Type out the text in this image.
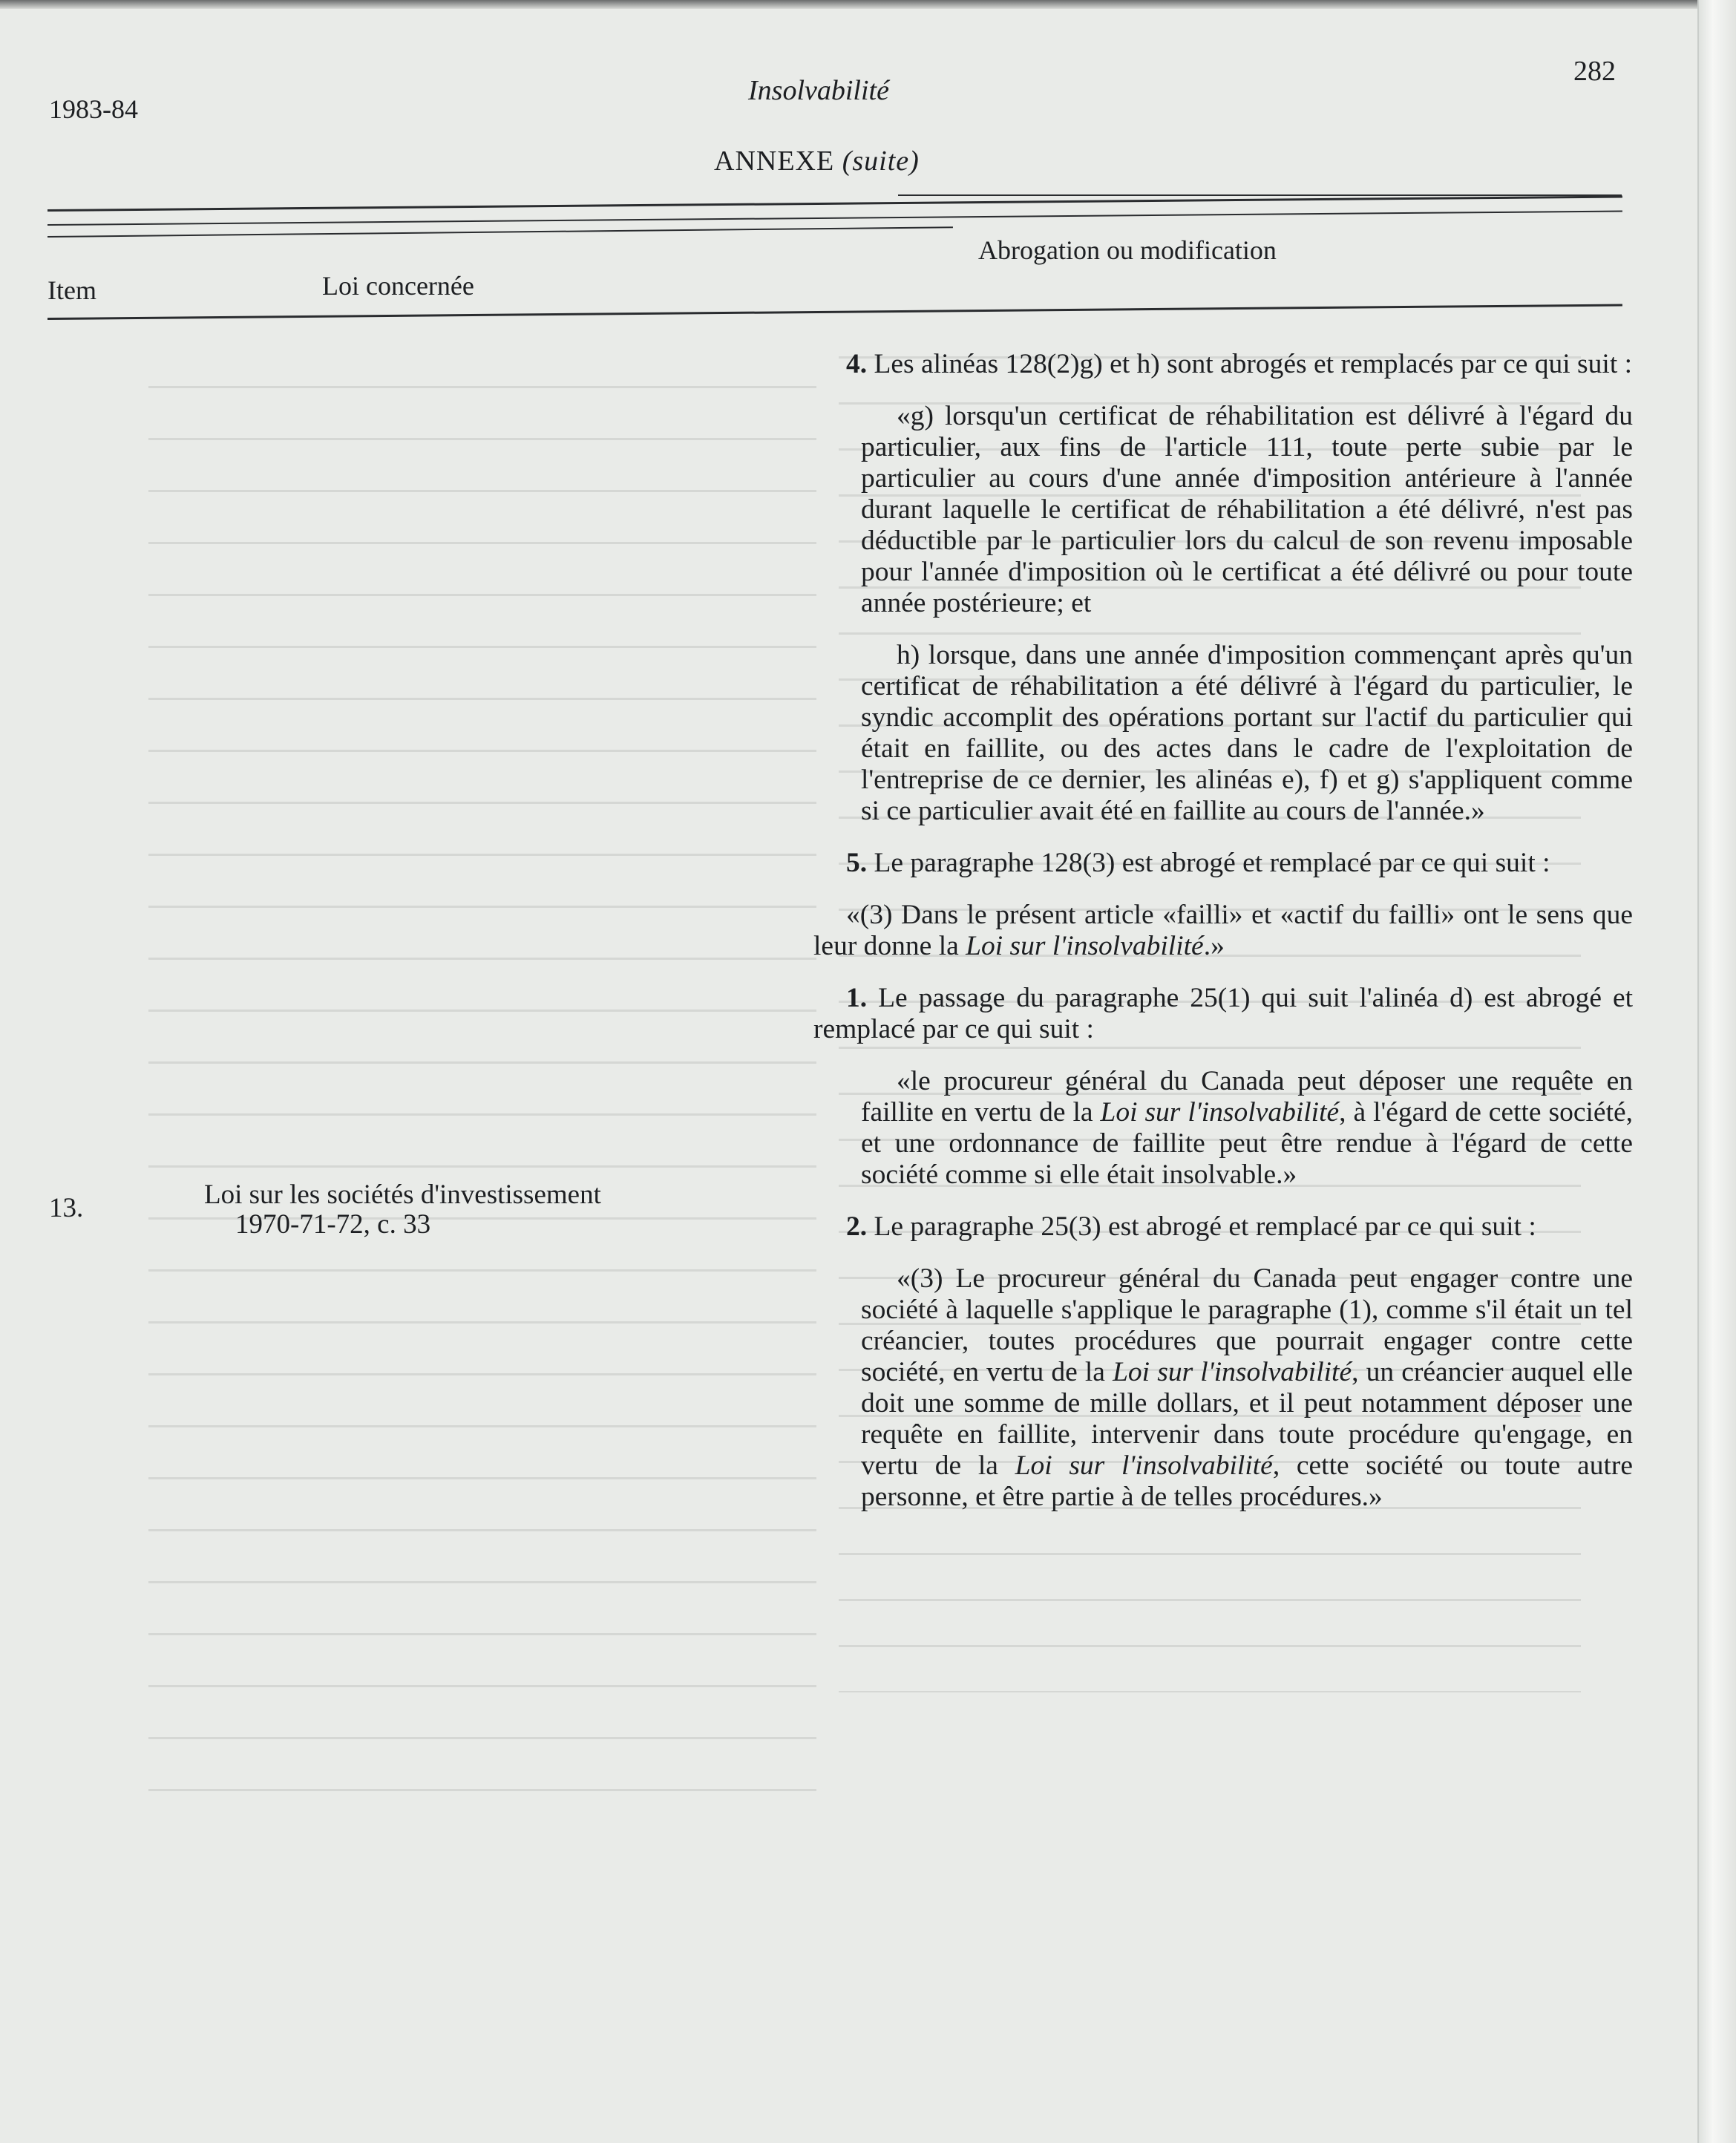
1983-84
282
Insolvabilité
ANNEXE (suite)
Item	Loi concernée
Abrogation ou modification
13.	Loi sur les sociétés d'investissement
1970-71-72, c. 33

4. Les alinéas 128(2)g) et h) sont abrogés et remplacés par ce qui suit :

«g) lorsqu'un certificat de réhabilitation est délivré à l'égard du particulier, aux fins de l'article 111, toute perte subie par le particulier au cours d'une année d'imposition antérieure à l'année durant laquelle le certificat de réhabilitation a été délivré, n'est pas déductible par le particulier lors du calcul de son revenu imposable pour l'année d'imposition où le certificat a été délivré ou pour toute année postérieure; et

h) lorsque, dans une année d'imposition commençant après qu'un certificat de réhabilitation a été délivré à l'égard du particulier, le syndic accomplit des opérations portant sur l'actif du particulier qui était en faillite, ou des actes dans le cadre de l'exploitation de l'entreprise de ce dernier, les alinéas e), f) et g) s'appliquent comme si ce particulier avait été en faillite au cours de l'année.»

5. Le paragraphe 128(3) est abrogé et remplacé par ce qui suit :

«(3) Dans le présent article «failli» et «actif du failli» ont le sens que leur donne la Loi sur l'insolvabilité.»

1. Le passage du paragraphe 25(1) qui suit l'alinéa d) est abrogé et remplacé par ce qui suit :

«le procureur général du Canada peut déposer une requête en faillite en vertu de la Loi sur l'insolvabilité, à l'égard de cette société, et une ordonnance de faillite peut être rendue à l'égard de cette société comme si elle était insolvable.»

2. Le paragraphe 25(3) est abrogé et remplacé par ce qui suit :

«(3) Le procureur général du Canada peut engager contre une société à laquelle s'applique le paragraphe (1), comme s'il était un tel créancier, toutes procédures que pourrait engager contre cette société, en vertu de la Loi sur l'insolvabilité, un créancier auquel elle doit une somme de mille dollars, et il peut notamment déposer une requête en faillite, intervenir dans toute procédure qu'engage, en vertu de la Loi sur l'insolvabilité, cette société ou toute autre personne, et être partie à de telles procédures.»
